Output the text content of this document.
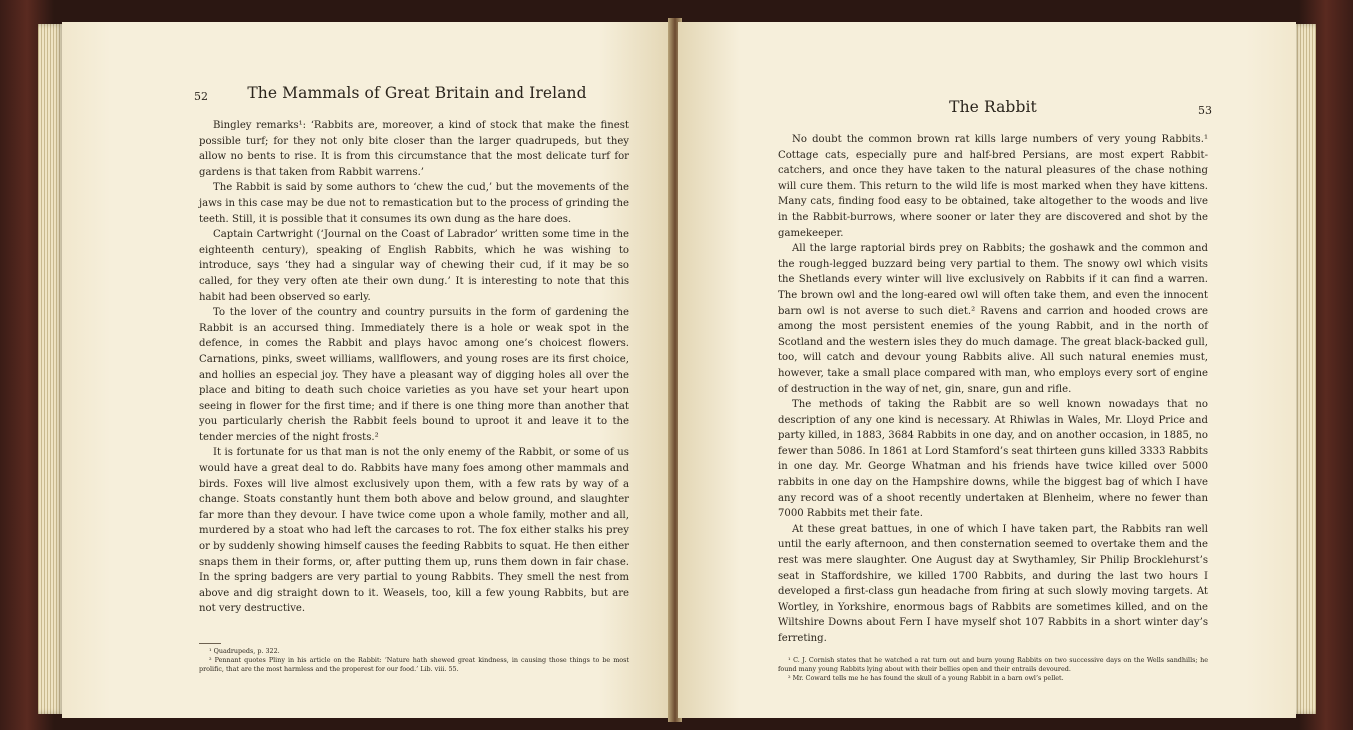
52	The Mammals of Great Britain and Ireland

Bingley remarks¹: ‘Rabbits are, moreover, a kind of stock that make the finest possible turf; for they not only bite closer than the larger quadrupeds, but they allow no bents to rise. It is from this circumstance that the most delicate turf for gardens is that taken from Rabbit warrens.’

The Rabbit is said by some authors to ‘chew the cud,’ but the movements of the jaws in this case may be due not to remastication but to the process of grinding the teeth. Still, it is possible that it consumes its own dung as the hare does.

Captain Cartwright (‘Journal on the Coast of Labrador’ written some time in the eighteenth century), speaking of English Rabbits, which he was wishing to introduce, says ‘they had a singular way of chewing their cud, if it may be so called, for they very often ate their own dung.’ It is interesting to note that this habit had been observed so early.

To the lover of the country and country pursuits in the form of gardening the Rabbit is an accursed thing. Immediately there is a hole or weak spot in the defence, in comes the Rabbit and plays havoc among one’s choicest flowers. Carnations, pinks, sweet williams, wallflowers, and young roses are its first choice, and hollies an especial joy. They have a pleasant way of digging holes all over the place and biting to death such choice varieties as you have set your heart upon seeing in flower for the first time; and if there is one thing more than another that you particularly cherish the Rabbit feels bound to uproot it and leave it to the tender mercies of the night frosts.²

It is fortunate for us that man is not the only enemy of the Rabbit, or some of us would have a great deal to do. Rabbits have many foes among other mammals and birds. Foxes will live almost exclusively upon them, with a few rats by way of a change. Stoats constantly hunt them both above and below ground, and slaughter far more than they devour. I have twice come upon a whole family, mother and all, murdered by a stoat who had left the carcases to rot. The fox either stalks his prey or by suddenly showing himself causes the feeding Rabbits to squat. He then either snaps them in their forms, or, after putting them up, runs them down in fair chase. In the spring badgers are very partial to young Rabbits. They smell the nest from above and dig straight down to it. Weasels, too, kill a few young Rabbits, but are not very destructive.

¹ Quadrupeds, p. 322.

² Pennant quotes Pliny in his article on the Rabbit: ‘Nature hath shewed great kindness, in causing those things to be most prolific, that are the most harmless and the properest for our food.’ Lib. viii. 55.

The Rabbit	53

No doubt the common brown rat kills large numbers of very young Rabbits.¹ Cottage cats, especially pure and half-bred Persians, are most expert Rabbit-catchers, and once they have taken to the natural pleasures of the chase nothing will cure them. This return to the wild life is most marked when they have kittens. Many cats, finding food easy to be obtained, take altogether to the woods and live in the Rabbit-burrows, where sooner or later they are discovered and shot by the gamekeeper.

All the large raptorial birds prey on Rabbits; the goshawk and the common and the rough-legged buzzard being very partial to them. The snowy owl which visits the Shetlands every winter will live exclusively on Rabbits if it can find a warren. The brown owl and the long-eared owl will often take them, and even the innocent barn owl is not averse to such diet.² Ravens and carrion and hooded crows are among the most persistent enemies of the young Rabbit, and in the north of Scotland and the western isles they do much damage. The great black-backed gull, too, will catch and devour young Rabbits alive. All such natural enemies must, however, take a small place compared with man, who employs every sort of engine of destruction in the way of net, gin, snare, gun and rifle.

The methods of taking the Rabbit are so well known nowadays that no description of any one kind is necessary. At Rhiwlas in Wales, Mr. Lloyd Price and party killed, in 1883, 3684 Rabbits in one day, and on another occasion, in 1885, no fewer than 5086. In 1861 at Lord Stamford’s seat thirteen guns killed 3333 Rabbits in one day. Mr. George Whatman and his friends have twice killed over 5000 rabbits in one day on the Hampshire downs, while the biggest bag of which I have any record was of a shoot recently undertaken at Blenheim, where no fewer than 7000 Rabbits met their fate.

At these great battues, in one of which I have taken part, the Rabbits ran well until the early afternoon, and then consternation seemed to overtake them and the rest was mere slaughter. One August day at Swythamley, Sir Philip Brocklehurst’s seat in Staffordshire, we killed 1700 Rabbits, and during the last two hours I developed a first-class gun headache from firing at such slowly moving targets. At Wortley, in Yorkshire, enormous bags of Rabbits are sometimes killed, and on the Wiltshire Downs about Fern I have myself shot 107 Rabbits in a short winter day’s ferreting.

¹ C. J. Cornish states that he watched a rat turn out and burn young Rabbits on two successive days on the Wells sandhills; he found many young Rabbits lying about with their bellies open and their entrails devoured.

² Mr. Coward tells me he has found the skull of a young Rabbit in a barn owl’s pellet.
